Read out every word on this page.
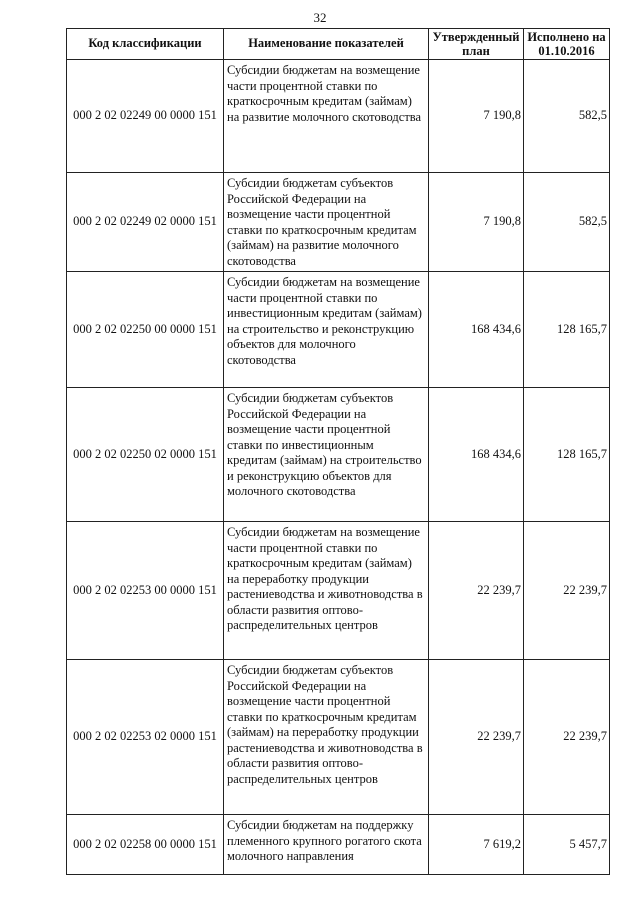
32
Код классификации	Наименование показателей	Утвержденный план	Исполнено на 01.10.2016
000 2 02 02249 00 0000 151	Субсидии бюджетам на возмещение части процентной ставки по краткосрочным кредитам (займам) на развитие молочного скотоводства	7 190,8	582,5
000 2 02 02249 02 0000 151	Субсидии бюджетам субъектов Российской Федерации на возмещение части процентной ставки по краткосрочным кредитам (займам) на развитие молочного скотоводства	7 190,8	582,5
000 2 02 02250 00 0000 151	Субсидии бюджетам на возмещение части процентной ставки по инвестиционным кредитам (займам) на строительство и реконструкцию объектов для молочного скотоводства	168 434,6	128 165,7
000 2 02 02250 02 0000 151	Субсидии бюджетам субъектов Российской Федерации на возмещение части процентной ставки по инвестиционным кредитам (займам) на строительство и реконструкцию объектов для молочного скотоводства	168 434,6	128 165,7
000 2 02 02253 00 0000 151	Субсидии бюджетам на возмещение части процентной ставки по краткосрочным кредитам (займам) на переработку продукции растениеводства и животноводства в области развития оптово-распределительных центров	22 239,7	22 239,7
000 2 02 02253 02 0000 151	Субсидии бюджетам субъектов Российской Федерации на возмещение части процентной ставки по краткосрочным кредитам (займам) на переработку продукции растениеводства и животноводства в области развития оптово-распределительных центров	22 239,7	22 239,7
000 2 02 02258 00 0000 151	Субсидии бюджетам на поддержку племенного крупного рогатого скота молочного направления	7 619,2	5 457,7
